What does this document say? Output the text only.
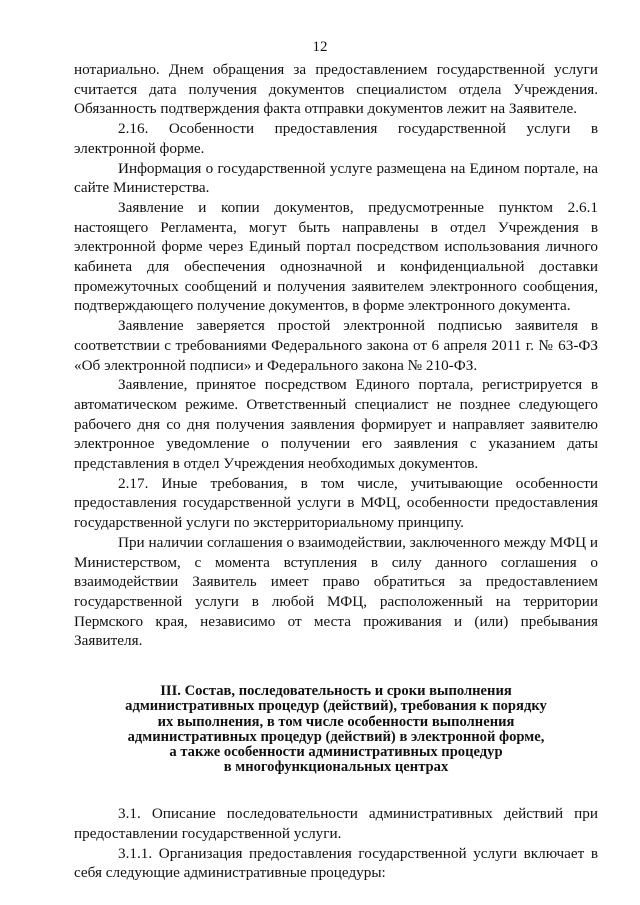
12

нотариально. Днем обращения за предоставлением государственной услуги считается дата получения документов специалистом отдела Учреждения. Обязанность подтверждения факта отправки документов лежит на Заявителе.

2.16. Особенности предоставления государственной услуги в электронной форме.

Информация о государственной услуге размещена на Едином портале, на сайте Министерства.

Заявление и копии документов, предусмотренные пунктом 2.6.1 настоящего Регламента, могут быть направлены в отдел Учреждения в электронной форме через Единый портал посредством использования личного кабинета для обеспечения однозначной и конфиденциальной доставки промежуточных сообщений и получения заявителем электронного сообщения, подтверждающего получение документов, в форме электронного документа.

Заявление заверяется простой электронной подписью заявителя в соответствии с требованиями Федерального закона от 6 апреля 2011 г. № 63-ФЗ «Об электронной подписи» и Федерального закона № 210-ФЗ.

Заявление, принятое посредством Единого портала, регистрируется в автоматическом режиме. Ответственный специалист не позднее следующего рабочего дня со дня получения заявления формирует и направляет заявителю электронное уведомление о получении его заявления с указанием даты представления в отдел Учреждения необходимых документов.

2.17. Иные требования, в том числе, учитывающие особенности предоставления государственной услуги в МФЦ, особенности предоставления государственной услуги по экстерриториальному принципу.

При наличии соглашения о взаимодействии, заключенного между МФЦ и Министерством, с момента вступления в силу данного соглашения о взаимодействии Заявитель имеет право обратиться за предоставлением государственной услуги в любой МФЦ, расположенный на территории Пермского края, независимо от места проживания и (или) пребывания Заявителя.

III. Состав, последовательность и сроки выполнения
административных процедур (действий), требования к порядку
их выполнения, в том числе особенности выполнения
административных процедур (действий) в электронной форме,
а также особенности административных процедур
в многофункциональных центрах

3.1. Описание последовательности административных действий при предоставлении государственной услуги.

3.1.1. Организация предоставления государственной услуги включает в себя следующие административные процедуры:
